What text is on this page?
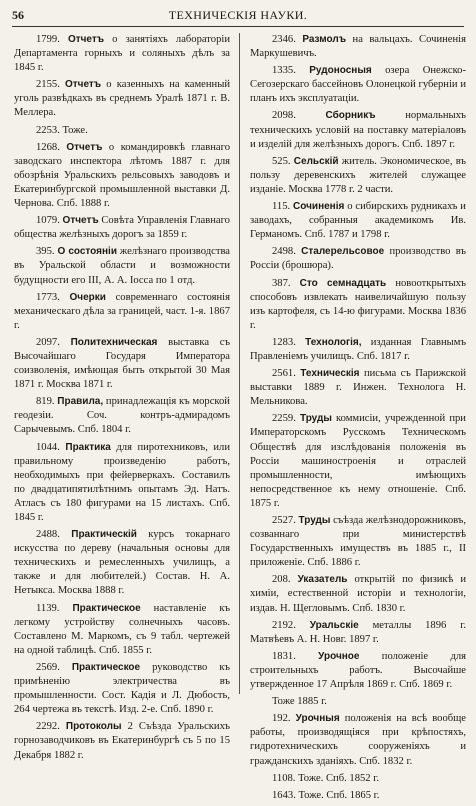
56	ТЕХНИЧЕСКІЯ НАУКИ.

1799. Отчетъ о занятіяхъ лабораторіи Департамента горныхъ и соляныхъ дѣлъ за 1845 г.

2155. Отчетъ о казенныхъ на каменный уголь развѣдкахъ въ среднемъ Уралѣ 1871 г. В. Меллера.

2253. Тоже.

1268. Отчетъ о командировкѣ главнаго заводскаго инспектора лѣтомъ 1887 г. для обозрѣнія Уральскихъ рельсовыхъ заводовъ и Екатеринбургской промышленной выставки Д. Чернова. Спб. 1888 г.

1079. Отчетъ Совѣта Управленія Главнаго общества желѣзныхъ дорогъ за 1859 г.

395. О состояніи желѣзнаго производства въ Уральской области и возможности будущности его III, А. А. Iосса по 1 отд.

1773. Очерки современнаго состоянія механическаго дѣла за границей, част. 1-я. 1867 г.

2097. Политехническая выставка съ Высочайшаго Государя Императора соизволенія, имѣющая быть открытой 30 Мая 1871 г. Москва 1871 г.

819. Правила, принадлежащія къ морской геодезіи. Соч. контръ-адмирадомъ Сарычевымъ. Спб. 1804 г.

1044. Практика для пиротехниковъ, или правильному произведенію работъ, необходимыхъ при фейерверкахъ. Составилъ по двадцатипятилѣтнимъ опытамъ Эд. Натъ. Атласъ съ 180 фигурами на 15 листахъ. Спб. 1845 г.

2488. Практическій курсъ токарнаго искусства по дереву (начальныя основы для техническихъ и ремесленныхъ училищъ, а также и для любителей.) Состав. Н. А. Нетыкса. Москва 1888 г.

1139. Практическое наставленіе къ легкому устройству солнечныхъ часовъ. Составлено М. Маркомъ, съ 9 табл. чертежей на одной таблицѣ. Спб. 1855 г.

2569. Практическое руководство къ примѣненію электричества въ промышленности. Сост. Кадія и Л. Дюбость, 264 чертежа въ текстѣ. Изд. 2-е. Спб. 1890 г.

2292. Протоколы 2 Съѣзда Уральскихъ горнозаводчиковъ въ Екатеринбургѣ съ 5 по 15 Декабря 1882 г.

2346. Размолъ на вальцахъ. Сочиненія Маркушевичъ.

1335. Рудоносныя озера Онежско-Сегозерскаго бассейновъ Олонецкой губерніи и планъ ихъ эксплуатаціи.

2098.	Сборникъ	нормальныхъ техническихъ условій на поставку матеріаловъ и изделій для желѣзныхъ дорогъ. Спб. 1897 г.

525. Сельскій житель. Экономическое, въ пользу деревенскихъ жителей служащее изданіе. Москва 1778 г. 2 части.

115. Сочиненія о сибирскихъ рудникахъ и заводахъ, собранныя академикомъ Ив. Германомъ. Спб. 1787 и 1798 г.

2498. Сталерельсовое производство въ Россіи (брошюра).

387. Сто семнадцать новооткрытыхъ способовъ извлекать наивеличайшую пользу изъ картофеля, съ 14-ю фигурами. Москва 1836 г.

1283. Технологія, изданная Главнымъ Правленіемъ училищъ. Спб. 1817 г.

2561. Техническія письма съ Парижской выставки 1889 г. Инжен. Технолога Н. Мельникова.

2259. Труды коммисіи, учрежденной при Императорскомъ Русскомъ Техническомъ Обществѣ для изслѣдованія положенія въ Россіи машиностроенія и отраслей промышленности, имѣющихъ непосредственное къ нему отношеніе. Спб. 1875 г.

2527. Труды съѣзда желѣзнодорожниковъ, созваннаго при министерствѣ Государственныхъ имуществъ въ 1885 г., II приложеніе. Спб. 1886 г.

208. Указатель открытій по физикѣ и химіи, естественной исторіи и технологіи, издав. Н. Щегловымъ. Спб. 1830 г.

2192. Уральскіе металлы 1896 г. Матвѣевъ А. Н. Новг. 1897 г.

1831. Урочное положеніе для строительныхъ работъ. Высочайше утвержденное 17 Апрѣля 1869 г. Спб. 1869 г.

Тоже 1885 г.

192. Урочныя положенія на всѣ вообще работы, производящіяся при крѣпостяхъ, гидротехническихъ сооруженіяхъ и гражданскихъ зданіяхъ. Спб. 1832 г.

1108. Тоже. Спб. 1852 г.

1643. Тоже. Спб. 1865 г.
